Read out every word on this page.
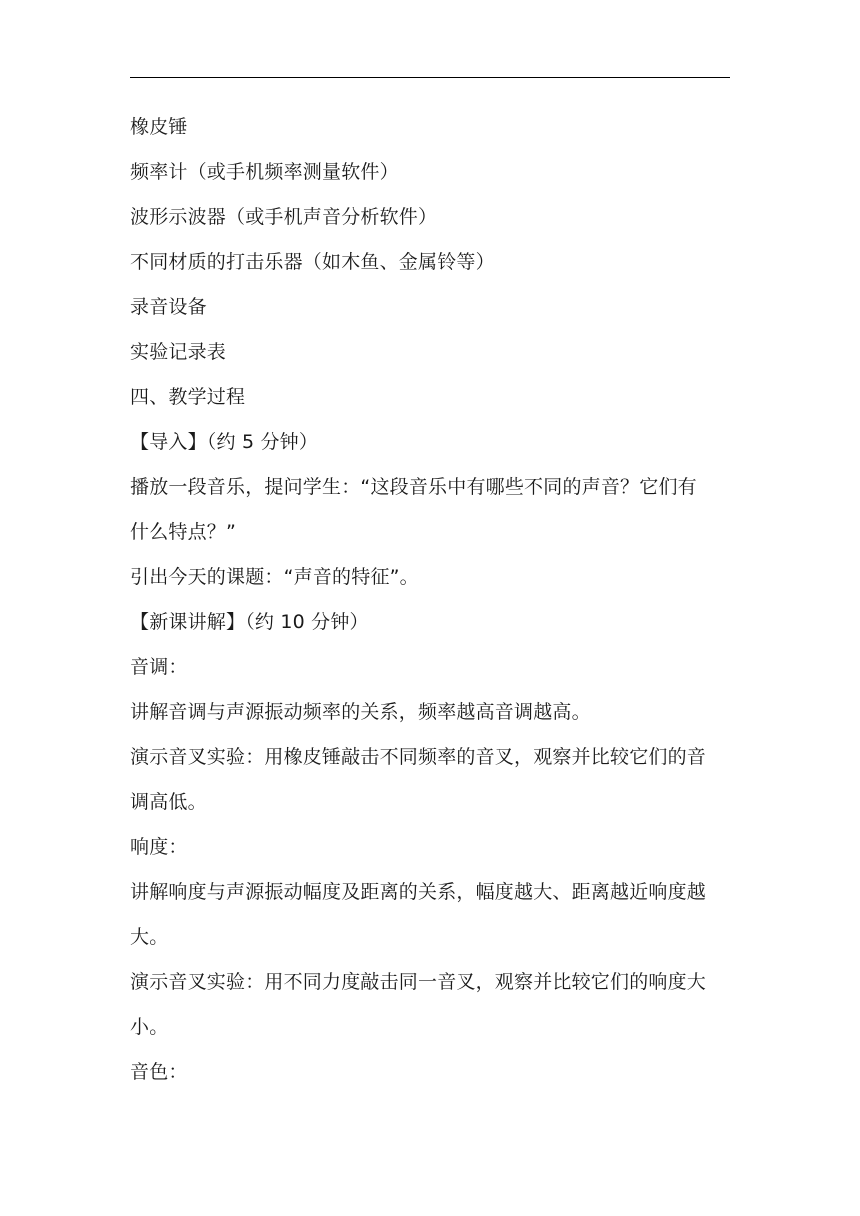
橡皮锤
频率计（或手机频率测量软件）
波形示波器（或手机声音分析软件）
不同材质的打击乐器（如木鱼、金属铃等）
录音设备
实验记录表
四、教学过程
【导入】（约 5 分钟）
播放一段音乐，提问学生：“这段音乐中有哪些不同的声音？它们有
什么特点？”
引出今天的课题：“声音的特征”。
【新课讲解】（约 10 分钟）
音调：
讲解音调与声源振动频率的关系，频率越高音调越高。
演示音叉实验：用橡皮锤敲击不同频率的音叉，观察并比较它们的音
调高低。
响度：
讲解响度与声源振动幅度及距离的关系，幅度越大、距离越近响度越
大。
演示音叉实验：用不同力度敲击同一音叉，观察并比较它们的响度大
小。
音色：
